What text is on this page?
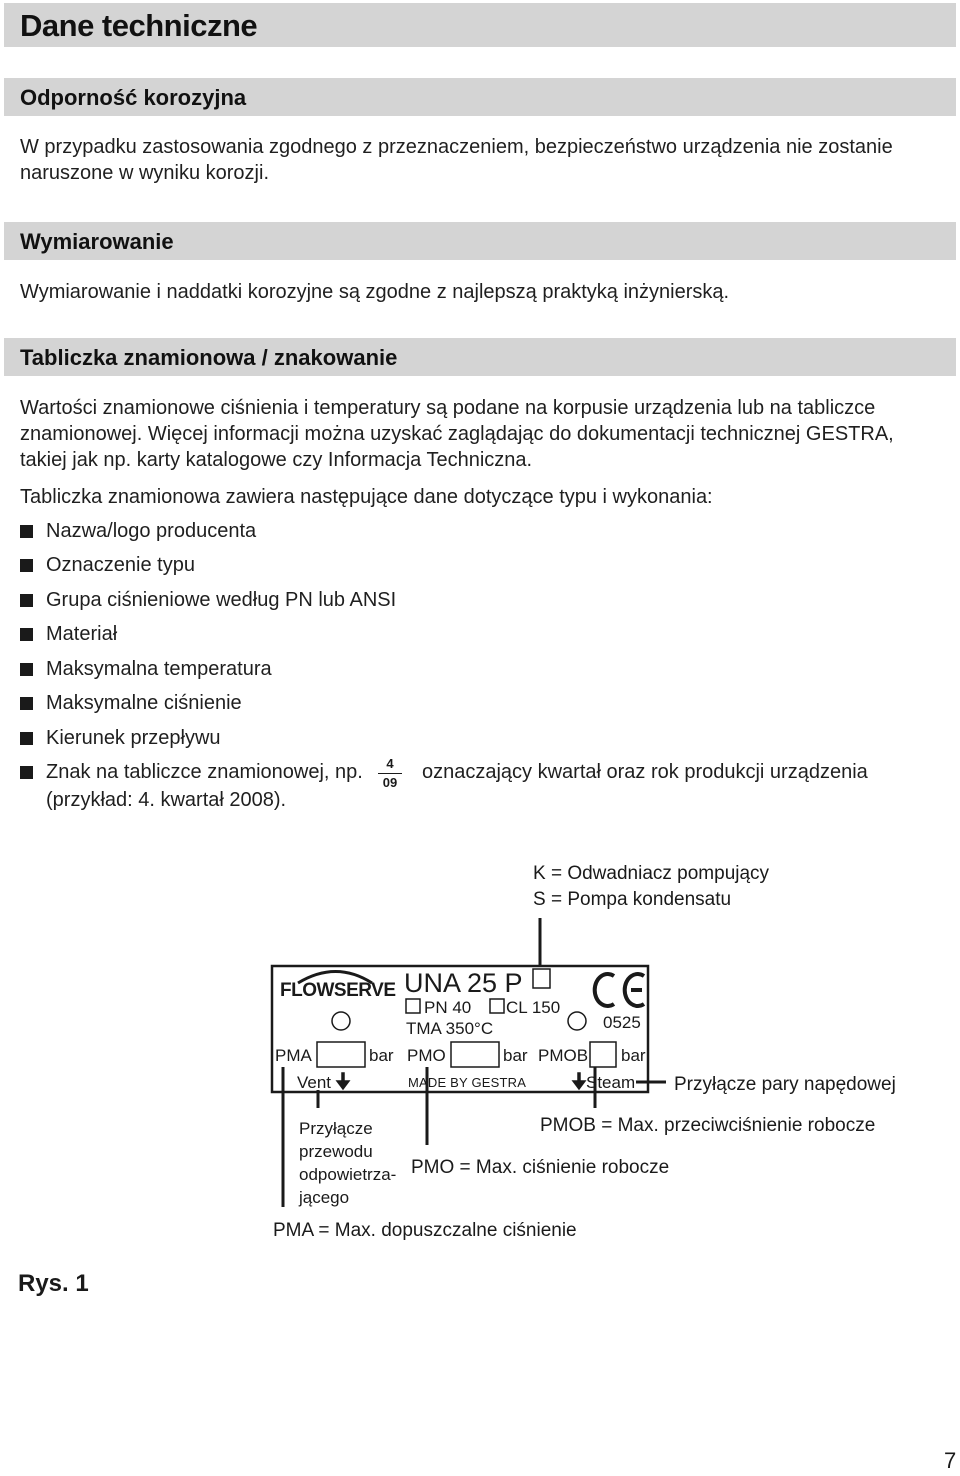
Dane techniczne
Odporność korozyjna
W przypadku zastosowania zgodnego z przeznaczeniem, bezpieczeństwo urządzenia nie zostanie
naruszone w wyniku korozji.
Wymiarowanie
Wymiarowanie i naddatki korozyjne są zgodne z najlepszą praktyką inżynierską.
Tabliczka znamionowa / znakowanie
Wartości znamionowe ciśnienia i temperatury są podane na korpusie urządzenia lub na tabliczce
znamionowej. Więcej informacji można uzyskać zaglądając do dokumentacji technicznej GESTRA,
takiej jak np. karty katalogowe czy Informacja Techniczna.
Tabliczka znamionowa zawiera następujące dane dotyczące typu i wykonania:
Nazwa/logo producenta
Oznaczenie typu
Grupa ciśnieniowe według PN lub ANSI
Materiał
Maksymalna temperatura
Maksymalne ciśnienie
Kierunek przepływu
Znak na tabliczce znamionowej, np.
(przykład: 4. kwartał 2008).
4
09 oznaczający kwartał oraz rok produkcji urządzenia
K = Odwadniacz pompujący
S = Pompa kondensatu
FLOWSERVE UNA 25 P
PN 40 CL 150
TMA 350°C	0525
PMA	bar PMO	bar PMOB bar
Vent	MADE BY GESTRA	Steam Przyłącze pary napędowej
PMOB = Max. przeciwciśnienie robocze
Przyłącze
przewodu
odpowietrza-
jącego
PMO = Max. ciśnienie robocze
PMA = Max. dopuszczalne ciśnienie
Rys. 1
7
